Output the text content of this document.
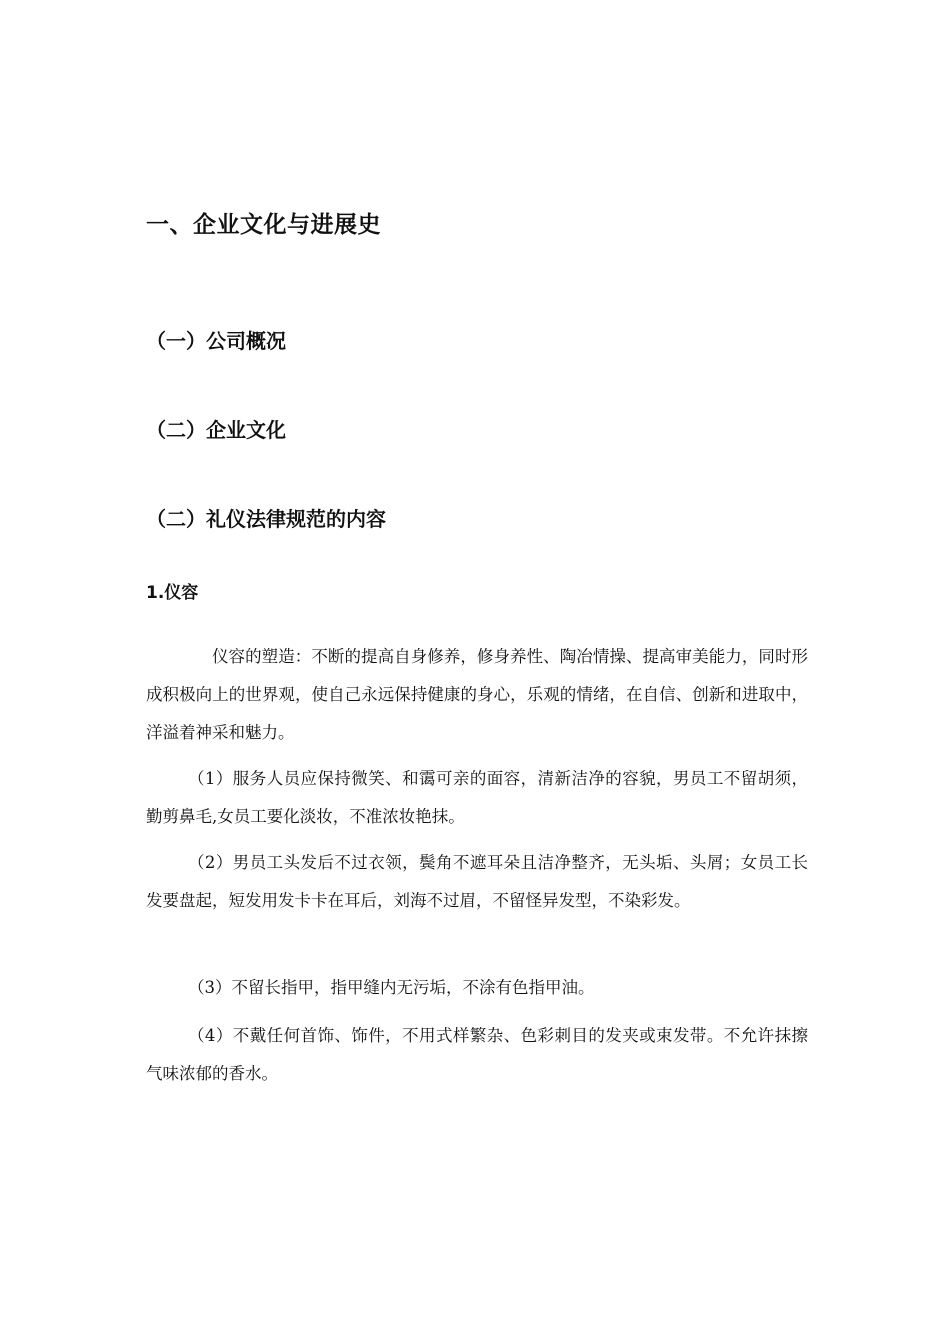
一、企业文化与进展史
（一）公司概况
（二）企业文化
（二）礼仪法律规范的内容
1.仪容

仪容的塑造：不断的提高自身修养，修身养性、陶冶情操、提高审美能力，同时形成积极向上的世界观，使自己永远保持健康的身心，乐观的情绪，在自信、创新和进取中，洋溢着神采和魅力。

（1）服务人员应保持微笑、和霭可亲的面容，清新洁净的容貌，男员工不留胡须，勤剪鼻毛,女员工要化淡妆，不准浓妆艳抹。

（2）男员工头发后不过衣领，鬓角不遮耳朵且洁净整齐，无头垢、头屑；女员工长发要盘起，短发用发卡卡在耳后，刘海不过眉，不留怪异发型，不染彩发。

（3）不留长指甲，指甲缝内无污垢，不涂有色指甲油。

（4）不戴任何首饰、饰件，不用式样繁杂、色彩刺目的发夹或束发带。不允许抹擦气味浓郁的香水。
